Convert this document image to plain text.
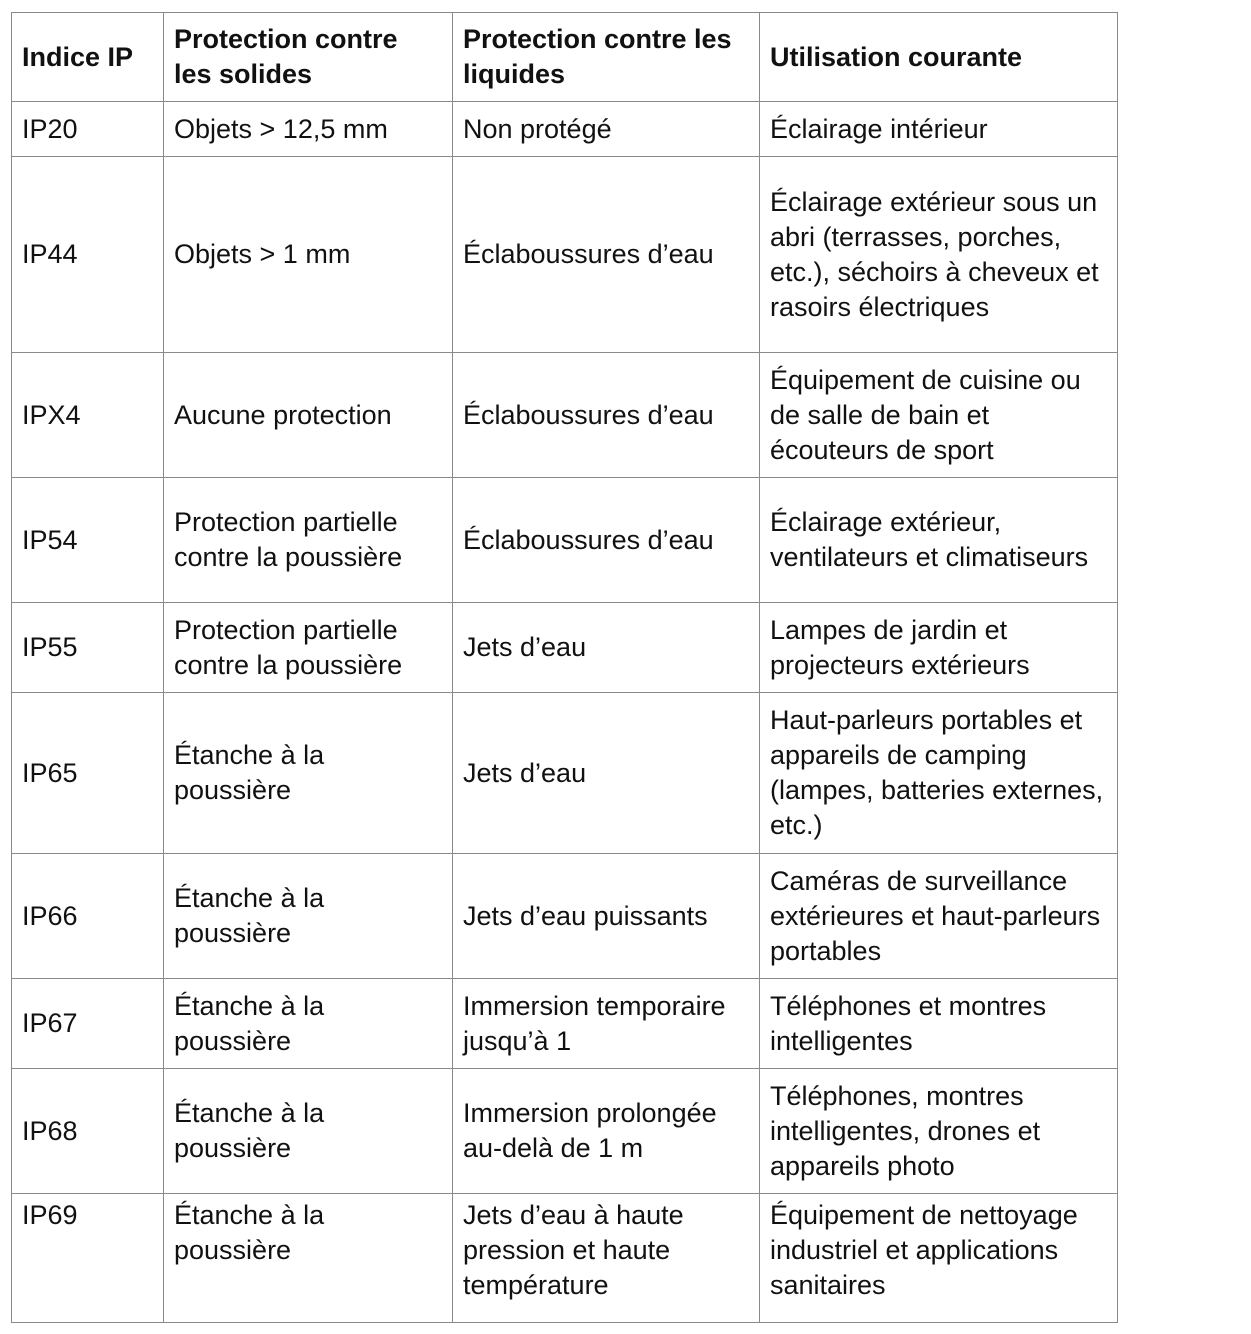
Indice IP	Protection contre les solides	Protection contre les liquides	Utilisation courante
IP20	Objets > 12,5 mm	Non protégé	Éclairage intérieur
IP44	Objets > 1 mm	Éclaboussures d’eau	Éclairage extérieur sous un abri (terrasses, porches, etc.), séchoirs à cheveux et rasoirs électriques
IPX4	Aucune protection	Éclaboussures d’eau	Équipement de cuisine ou de salle de bain et écouteurs de sport
IP54	Protection partielle contre la poussière	Éclaboussures d’eau	Éclairage extérieur, ventilateurs et climatiseurs
IP55	Protection partielle contre la poussière	Jets d’eau	Lampes de jardin et projecteurs extérieurs
IP65	Étanche à la poussière	Jets d’eau	Haut-parleurs portables et appareils de camping (lampes, batteries externes, etc.)
IP66	Étanche à la poussière	Jets d’eau puissants	Caméras de surveillance extérieures et haut-parleurs portables
IP67	Étanche à la poussière	Immersion temporaire jusqu’à 1	Téléphones et montres intelligentes
IP68	Étanche à la poussière	Immersion prolongée au-delà de 1 m	Téléphones, montres intelligentes, drones et appareils photo
IP69	Étanche à la poussière	Jets d’eau à haute pression et haute température	Équipement de nettoyage industriel et applications sanitaires
